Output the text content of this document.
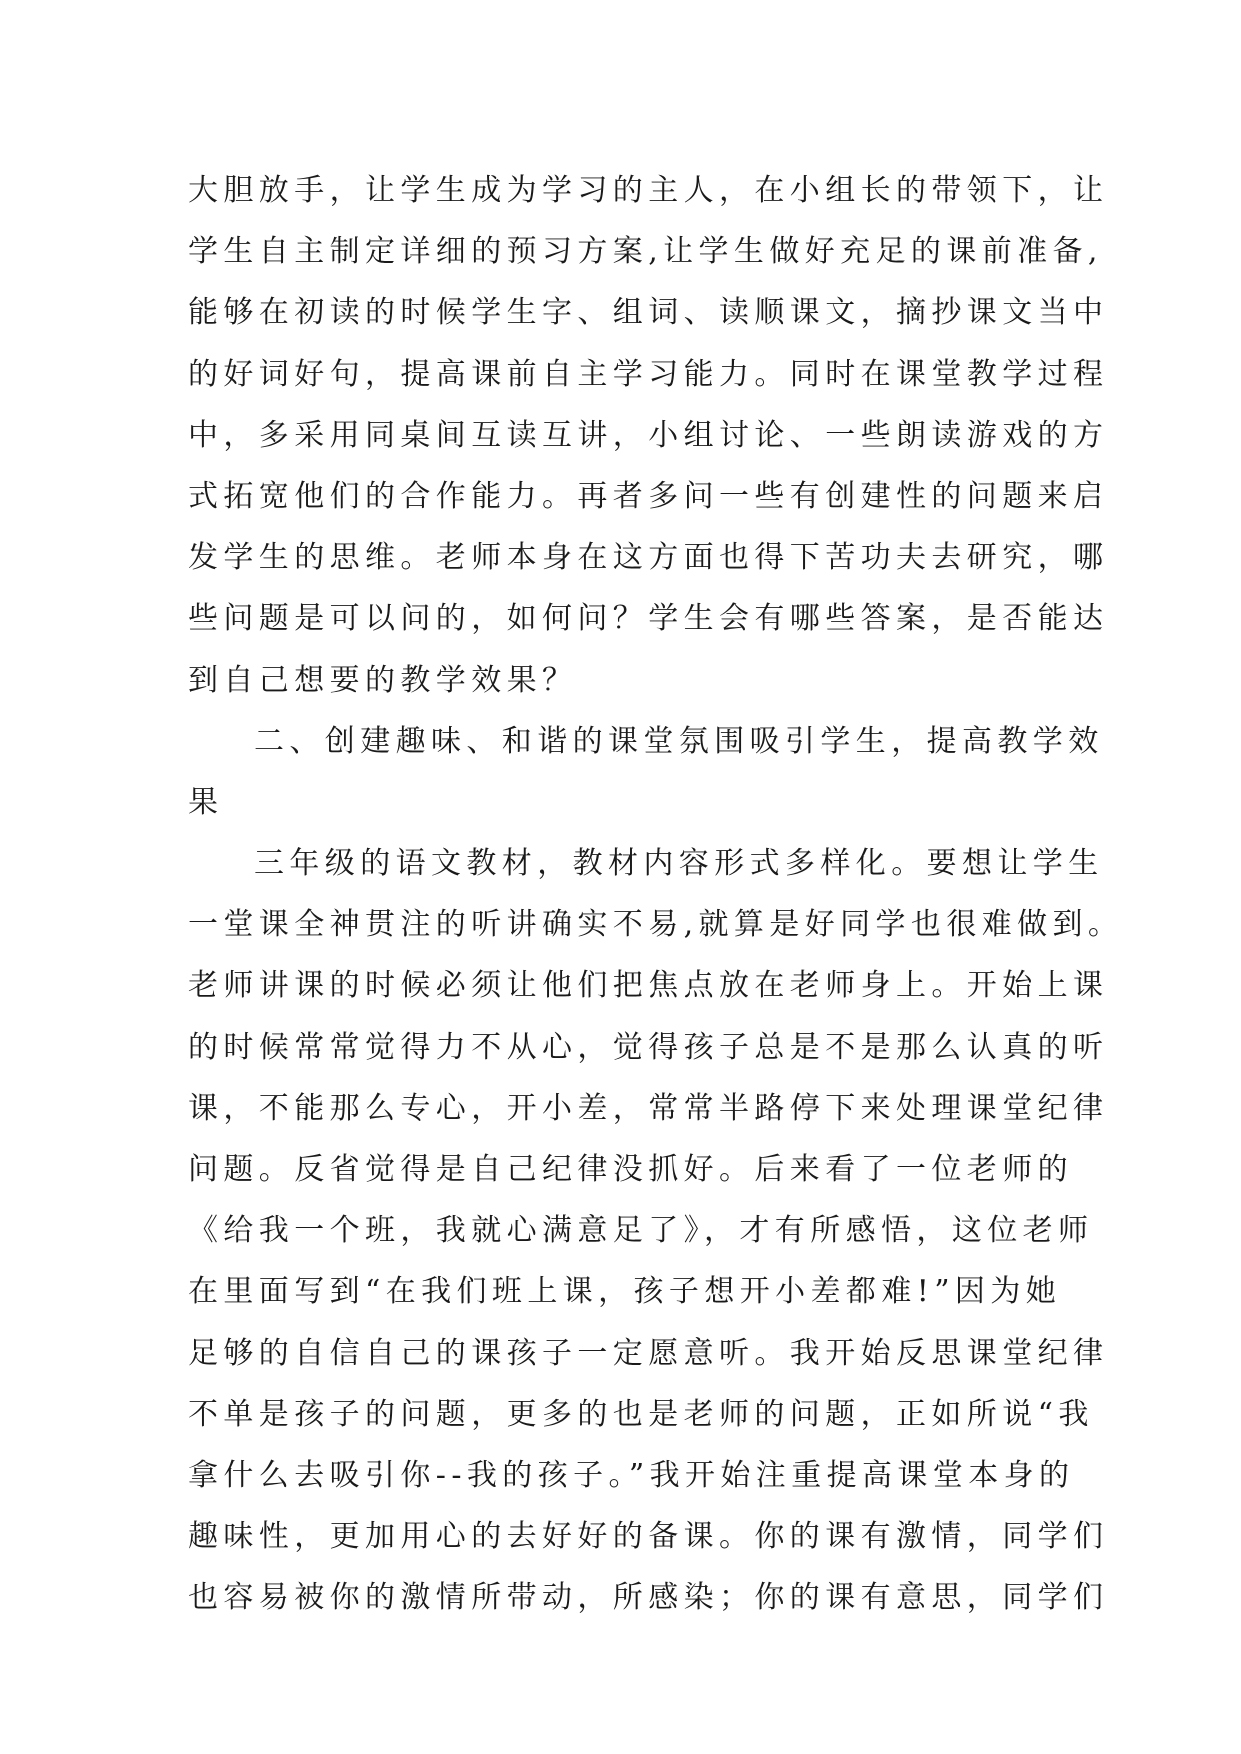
大胆放手，让学生成为学习的主人，在小组长的带领下，让
学生自主制定详细的预习方案,让学生做好充足的课前准备,
能够在初读的时候学生字、组词、读顺课文，摘抄课文当中
的好词好句，提高课前自主学习能力。同时在课堂教学过程
中，多采用同桌间互读互讲，小组讨论、一些朗读游戏的方
式拓宽他们的合作能力。再者多问一些有创建性的问题来启
发学生的思维。老师本身在这方面也得下苦功夫去研究，哪
些问题是可以问的，如何问？学生会有哪些答案，是否能达
到自己想要的教学效果？
二、创建趣味、和谐的课堂氛围吸引学生，提高教学效
果
三年级的语文教材，教材内容形式多样化。要想让学生
一堂课全神贯注的听讲确实不易,就算是好同学也很难做到。
老师讲课的时候必须让他们把焦点放在老师身上。开始上课
的时候常常觉得力不从心，觉得孩子总是不是那么认真的听
课，不能那么专心，开小差，常常半路停下来处理课堂纪律
问题。反省觉得是自己纪律没抓好。后来看了一位老师的
《给我一个班，我就心满意足了》，才有所感悟，这位老师
在里面写到“在我们班上课，孩子想开小差都难!”因为她
足够的自信自己的课孩子一定愿意听。我开始反思课堂纪律
不单是孩子的问题，更多的也是老师的问题，正如所说“我
拿什么去吸引你--我的孩子。”我开始注重提高课堂本身的
趣味性，更加用心的去好好的备课。你的课有激情，同学们
也容易被你的激情所带动，所感染；你的课有意思，同学们
